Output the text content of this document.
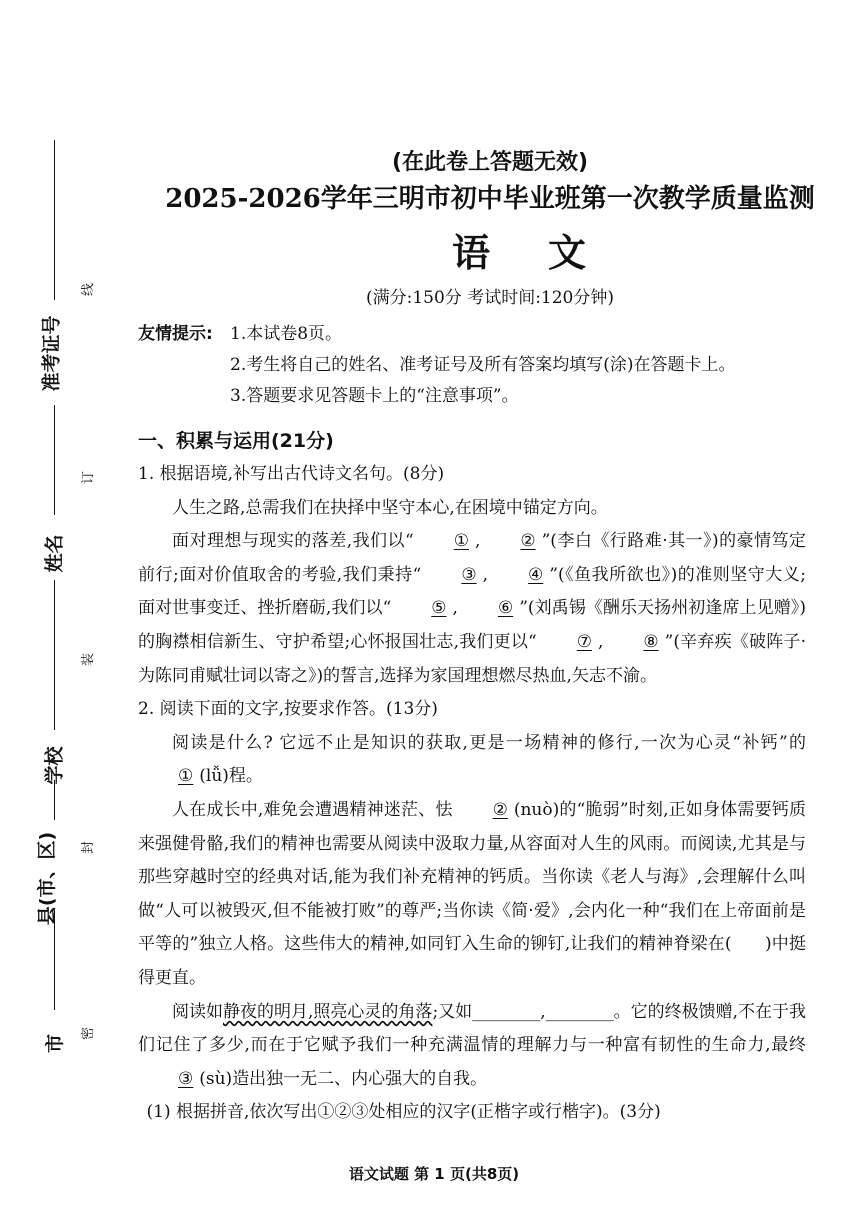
准考证号
姓名
学校
县(市、区)
市
线
订
装
封
密
(在此卷上答题无效)
2025-2026学年三明市初中毕业班第一次教学质量监测
语文
(满分:150分 考试时间:120分钟)
友情提示: 1.本试卷8页。
2.考生将自己的姓名、准考证号及所有答案均填写(涂)在答题卡上。
3.答题要求见答题卡上的“注意事项”。
一、积累与运用(21分)

1. 根据语境,补写出古代诗文名句。(8分)

人生之路,总需我们在抉择中坚守本心,在困境中锚定方向。

面对理想与现实的落差,我们以“ ① , ② ”(李白《行路难·其一》)的豪情笃定前行;面对价值取舍的考验,我们秉持“ ③ , ④ ”(《鱼我所欲也》)的准则坚守大义;面对世事变迁、挫折磨砺,我们以“ ⑤ , ⑥ ”(刘禹锡《酬乐天扬州初逢席上见赠》)的胸襟相信新生、守护希望;心怀报国壮志,我们更以“ ⑦ , ⑧ ”(辛弃疾《破阵子·为陈同甫赋壮词以寄之》)的誓言,选择为家国理想燃尽热血,矢志不渝。

2. 阅读下面的文字,按要求作答。(13分)

阅读是什么? 它远不止是知识的获取,更是一场精神的修行,一次为心灵“补钙”的① (lǚ)程。

人在成长中,难免会遭遇精神迷茫、怯 ② (nuò)的“脆弱”时刻,正如身体需要钙质来强健骨骼,我们的精神也需要从阅读中汲取力量,从容面对人生的风雨。而阅读,尤其是与那些穿越时空的经典对话,能为我们补充精神的钙质。当你读《老人与海》,会理解什么叫做“人可以被毁灭,但不能被打败”的尊严;当你读《简·爱》,会内化一种“我们在上帝面前是平等的”独立人格。这些伟大的精神,如同钉入生命的铆钉,让我们的精神脊梁在( )中挺得更直。

阅读如静夜的明月,照亮心灵的角落;又如________,________。它的终极馈赠,不在于我们记住了多少,而在于它赋予我们一种充满温情的理解力与一种富有韧性的生命力,最终③ (sù)造出独一无二、内心强大的自我。

(1) 根据拼音,依次写出①②③处相应的汉字(正楷字或行楷字)。(3分)

语文试题 第 1 页(共8页)
